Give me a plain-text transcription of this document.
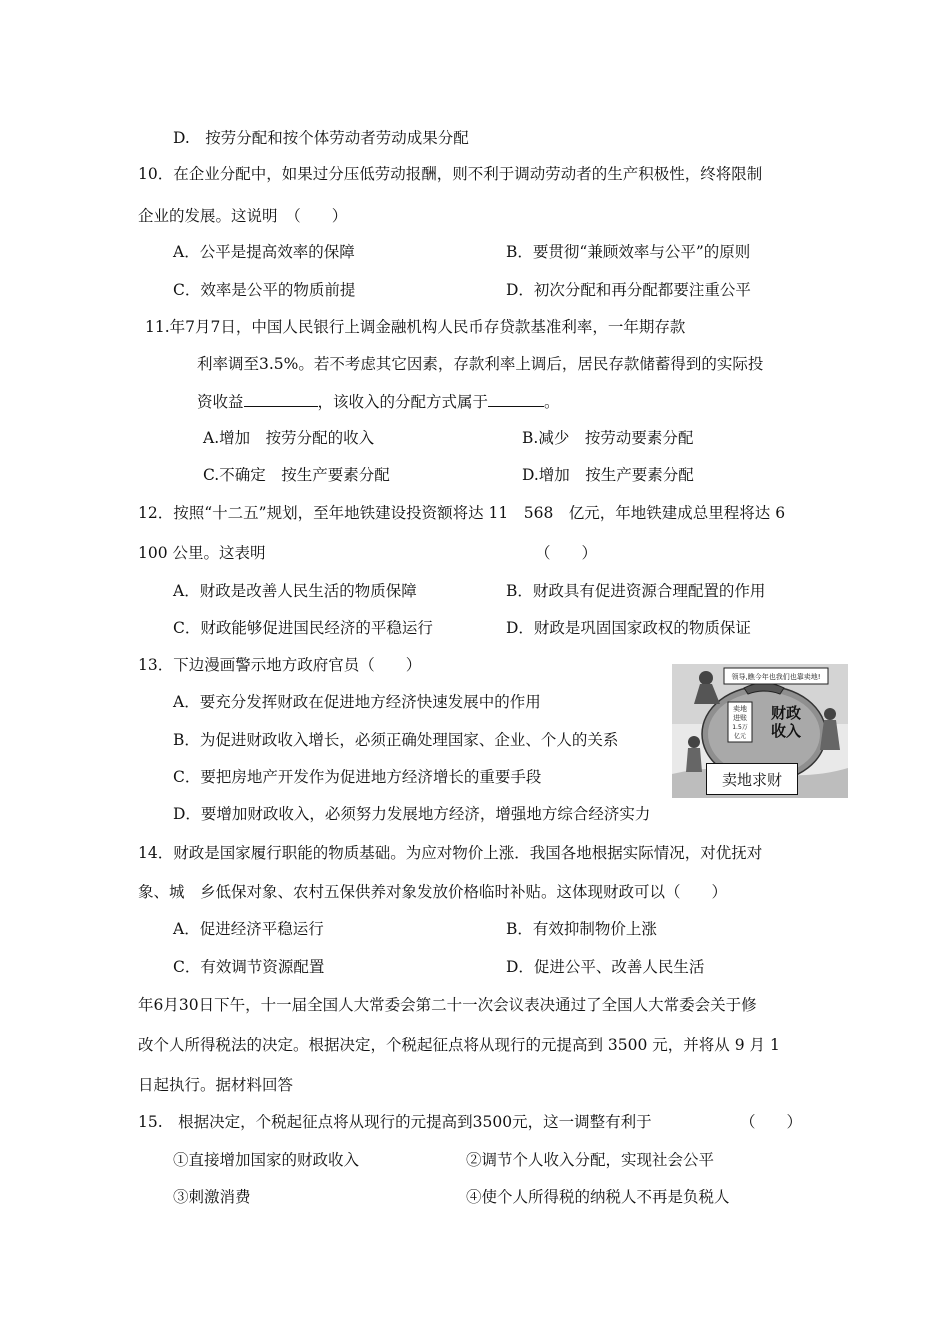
D.　按劳分配和按个体劳动者劳动成果分配
10．在企业分配中，如果过分压低劳动报酬，则不利于调动劳动者的生产积极性，终将限制
企业的发展。这说明　（　　）
A．公平是提高效率的保障	B．要贯彻“兼顾效率与公平”的原则
C．效率是公平的物质前提	D．初次分配和再分配都要注重公平
11.年7月7日，中国人民银行上调金融机构人民币存贷款基准利率，一年期存款
利率调至3.5%。若不考虑其它因素，存款利率上调后，居民存款储蓄得到的实际投
资收益	，该收入的分配方式属于	。
A.增加　按劳分配的收入	B.减少　按劳动要素分配
C.不确定　按生产要素分配	D.增加　按生产要素分配
12．按照“十二五”规划，至年地铁建设投资额将达 11　568　亿元，年地铁建成总里程将达 6
100 公里。这表明	（　　）
A．财政是改善人民生活的物质保障	B．财政具有促进资源合理配置的作用
C．财政能够促进国民经济的平稳运行	D．财政是巩固国家政权的物质保证
13．下边漫画警示地方政府官员（　　）
A．要充分发挥财政在促进地方经济快速发展中的作用
B．为促进财政收入增长，必须正确处理国家、企业、个人的关系
C．要把房地产开发作为促进地方经济增长的重要手段
D．要增加财政收入，必须努力发展地方经济，增强地方综合经济实力
领导,瞧今年也我们也靠卖地!
卖地
进账
1.5万
亿元
财政
收入
卖地求财
14．财政是国家履行职能的物质基础。为应对物价上涨．我国各地根据实际情况，对优抚对
象、城　乡低保对象、农村五保供养对象发放价格临时补贴。这体现财政可以（　　）
A．促进经济平稳运行	B．有效抑制物价上涨
C．有效调节资源配置	D．促进公平、改善人民生活
年6月30日下午，十一届全国人大常委会第二十一次会议表决通过了全国人大常委会关于修
改个人所得税法的决定。根据决定，个税起征点将从现行的元提高到 3500 元，并将从 9 月 1
日起执行。据材料回答
15.　根据决定，个税起征点将从现行的元提高到3500元，这一调整有利于	（　　）
①直接增加国家的财政收入	②调节个人收入分配，实现社会公平
③刺激消费	④使个人所得税的纳税人不再是负税人
